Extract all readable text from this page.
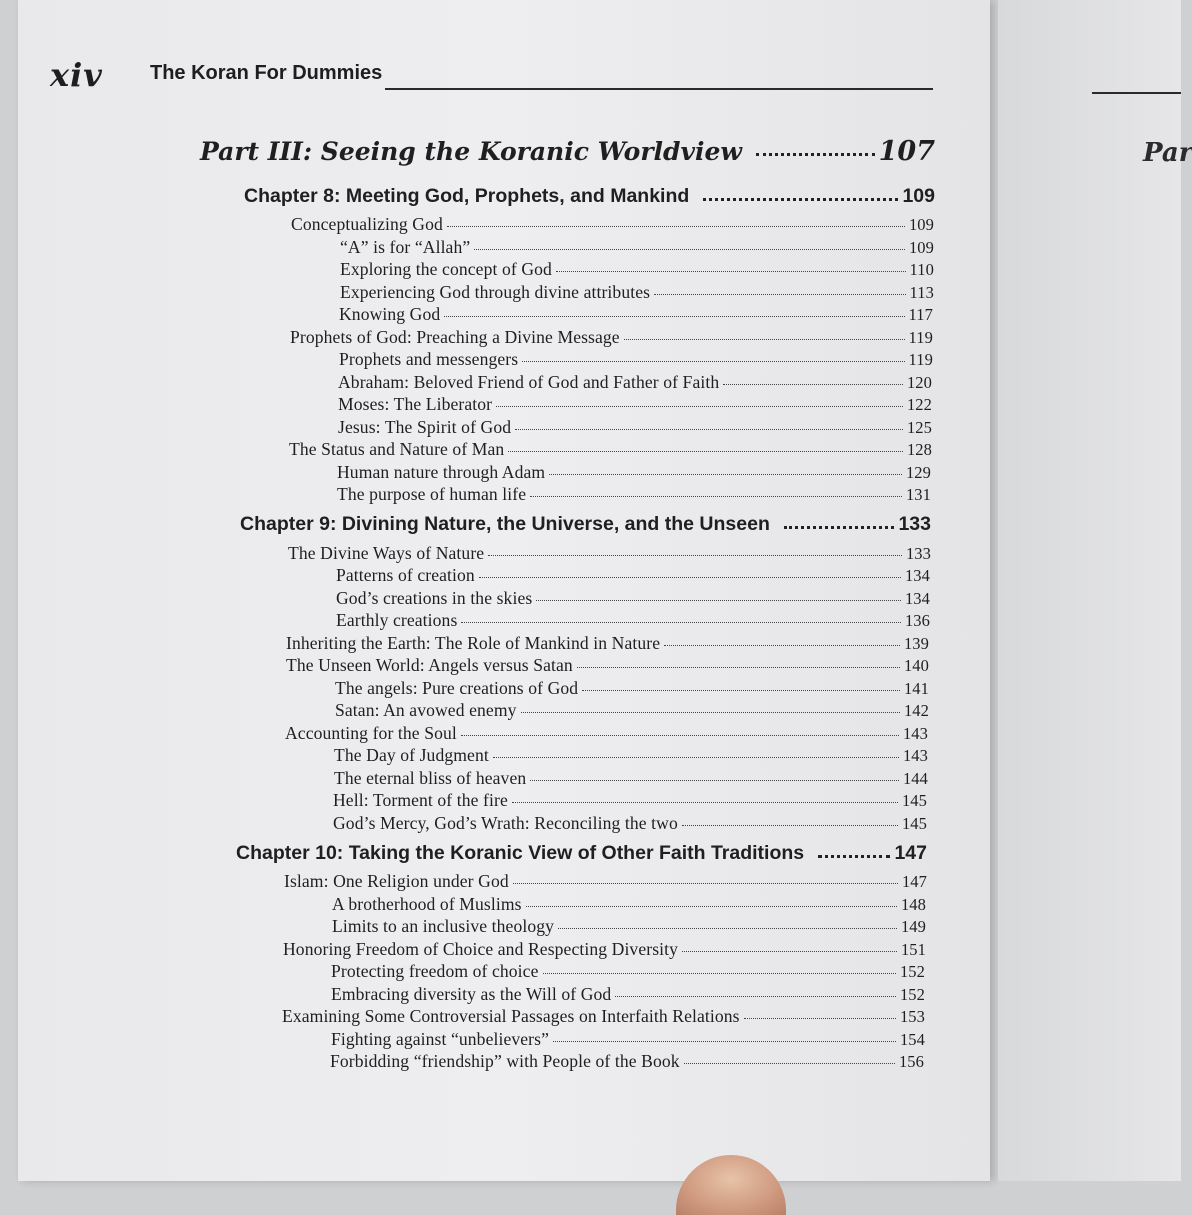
Par
xiv The Koran For Dummies
Part III: Seeing the Koranic Worldview	107
Chapter 8: Meeting God, Prophets, and Mankind	109
Conceptualizing God	109
“A” is for “Allah”	109
Exploring the concept of God	110
Experiencing God through divine attributes	113
Knowing God	117
Prophets of God: Preaching a Divine Message	119
Prophets and messengers	119
Abraham: Beloved Friend of God and Father of Faith	120
Moses: The Liberator	122
Jesus: The Spirit of God	125
The Status and Nature of Man	128
Human nature through Adam	129
The purpose of human life	131
Chapter 9: Divining Nature, the Universe, and the Unseen	133
The Divine Ways of Nature	133
Patterns of creation	134
God’s creations in the skies	134
Earthly creations	136
Inheriting the Earth: The Role of Mankind in Nature	139
The Unseen World: Angels versus Satan	140
The angels: Pure creations of God	141
Satan: An avowed enemy	142
Accounting for the Soul	143
The Day of Judgment	143
The eternal bliss of heaven	144
Hell: Torment of the fire	145
God’s Mercy, God’s Wrath: Reconciling the two	145
Chapter 10: Taking the Koranic View of Other Faith Traditions	147
Islam: One Religion under God	147
A brotherhood of Muslims	148
Limits to an inclusive theology	149
Honoring Freedom of Choice and Respecting Diversity	151
Protecting freedom of choice	152
Embracing diversity as the Will of God	152
Examining Some Controversial Passages on Interfaith Relations	153
Fighting against “unbelievers”	154
Forbidding “friendship” with People of the Book	156
